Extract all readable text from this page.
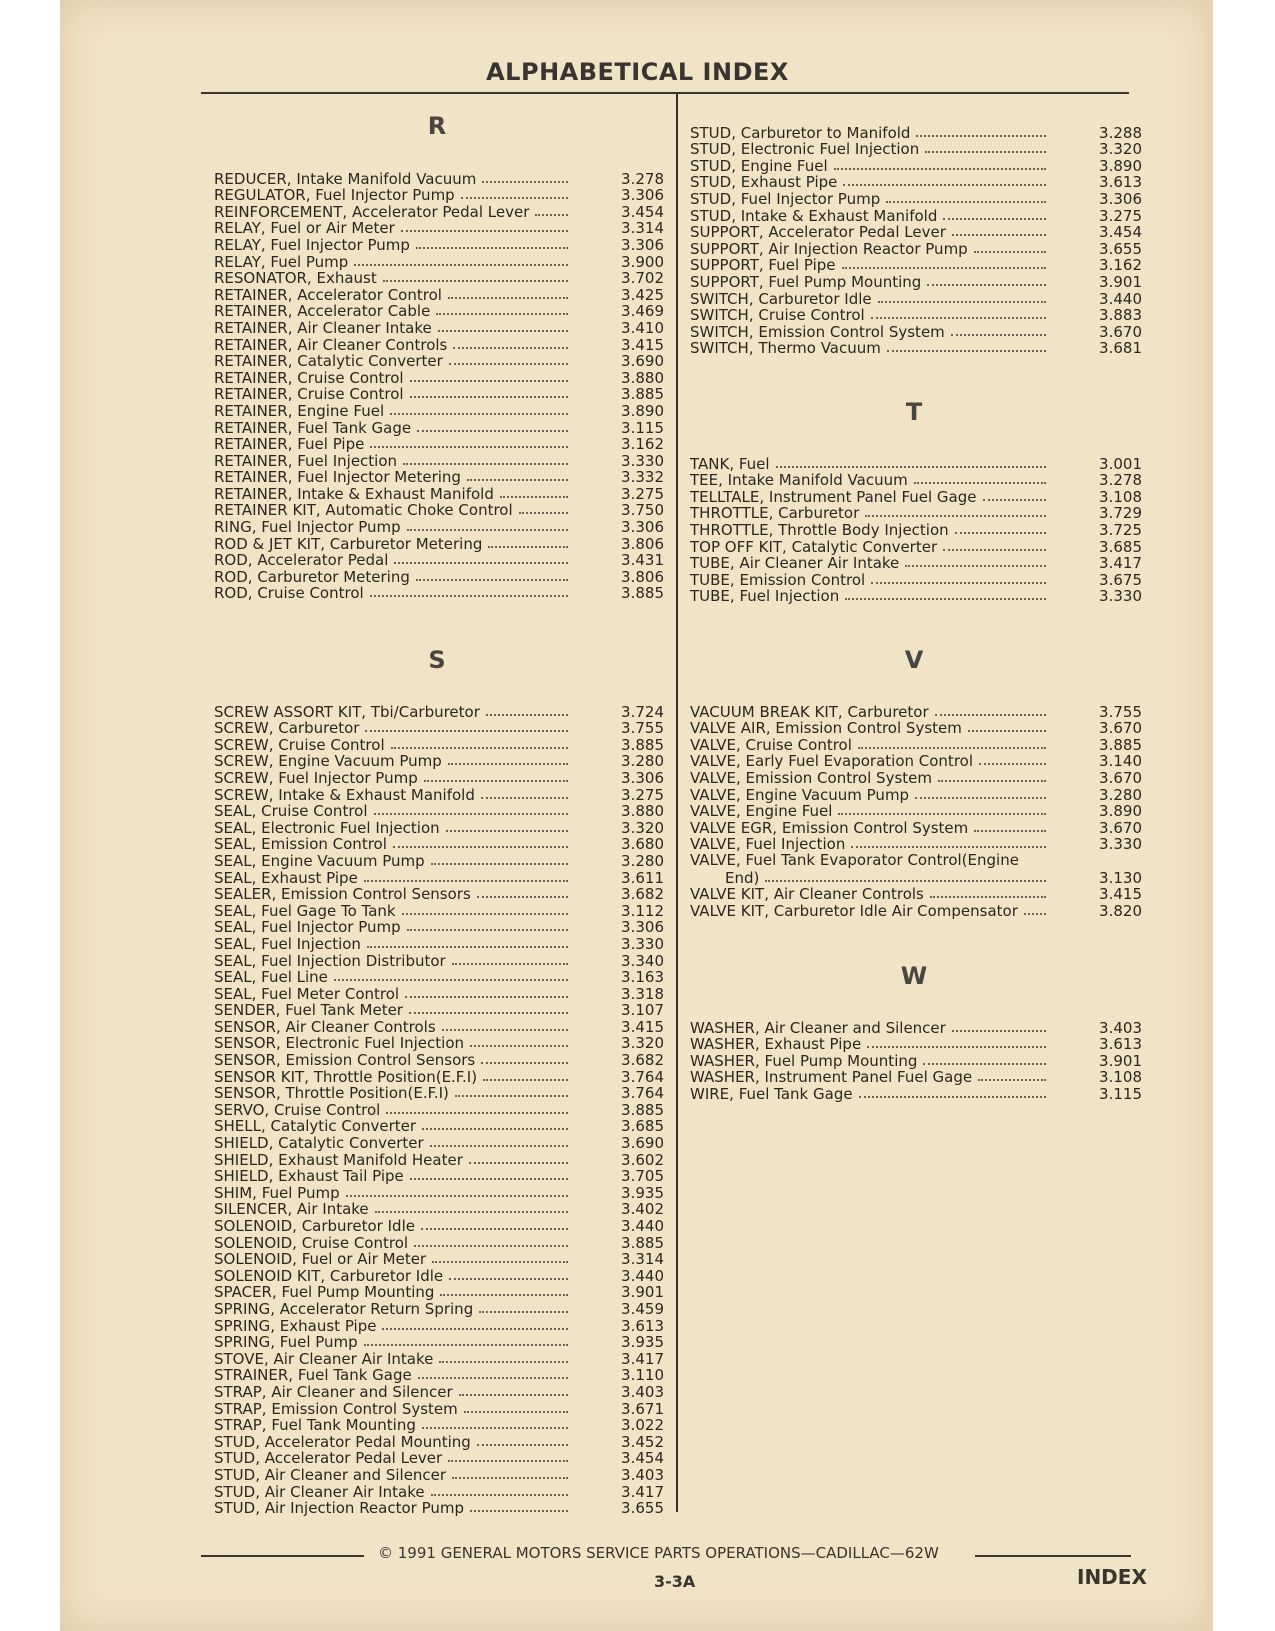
ALPHABETICAL INDEX
R
REDUCER, Intake Manifold Vacuum	3.278
REGULATOR, Fuel Injector Pump	3.306
REINFORCEMENT, Accelerator Pedal Lever	3.454
RELAY, Fuel or Air Meter	3.314
RELAY, Fuel Injector Pump	3.306
RELAY, Fuel Pump	3.900
RESONATOR, Exhaust	3.702
RETAINER, Accelerator Control	3.425
RETAINER, Accelerator Cable	3.469
RETAINER, Air Cleaner Intake	3.410
RETAINER, Air Cleaner Controls	3.415
RETAINER, Catalytic Converter	3.690
RETAINER, Cruise Control	3.880
RETAINER, Cruise Control	3.885
RETAINER, Engine Fuel	3.890
RETAINER, Fuel Tank Gage	3.115
RETAINER, Fuel Pipe	3.162
RETAINER, Fuel Injection	3.330
RETAINER, Fuel Injector Metering	3.332
RETAINER, Intake & Exhaust Manifold	3.275
RETAINER KIT, Automatic Choke Control	3.750
RING, Fuel Injector Pump	3.306
ROD & JET KIT, Carburetor Metering	3.806
ROD, Accelerator Pedal	3.431
ROD, Carburetor Metering	3.806
ROD, Cruise Control	3.885
S
SCREW ASSORT KIT, Tbi/Carburetor	3.724
SCREW, Carburetor	3.755
SCREW, Cruise Control	3.885
SCREW, Engine Vacuum Pump	3.280
SCREW, Fuel Injector Pump	3.306
SCREW, Intake & Exhaust Manifold	3.275
SEAL, Cruise Control	3.880
SEAL, Electronic Fuel Injection	3.320
SEAL, Emission Control	3.680
SEAL, Engine Vacuum Pump	3.280
SEAL, Exhaust Pipe	3.611
SEALER, Emission Control Sensors	3.682
SEAL, Fuel Gage To Tank	3.112
SEAL, Fuel Injector Pump	3.306
SEAL, Fuel Injection	3.330
SEAL, Fuel Injection Distributor	3.340
SEAL, Fuel Line	3.163
SEAL, Fuel Meter Control	3.318
SENDER, Fuel Tank Meter	3.107
SENSOR, Air Cleaner Controls	3.415
SENSOR, Electronic Fuel Injection	3.320
SENSOR, Emission Control Sensors	3.682
SENSOR KIT, Throttle Position(E.F.I)	3.764
SENSOR, Throttle Position(E.F.I)	3.764
SERVO, Cruise Control	3.885
SHELL, Catalytic Converter	3.685
SHIELD, Catalytic Converter	3.690
SHIELD, Exhaust Manifold Heater	3.602
SHIELD, Exhaust Tail Pipe	3.705
SHIM, Fuel Pump	3.935
SILENCER, Air Intake	3.402
SOLENOID, Carburetor Idle	3.440
SOLENOID, Cruise Control	3.885
SOLENOID, Fuel or Air Meter	3.314
SOLENOID KIT, Carburetor Idle	3.440
SPACER, Fuel Pump Mounting	3.901
SPRING, Accelerator Return Spring	3.459
SPRING, Exhaust Pipe	3.613
SPRING, Fuel Pump	3.935
STOVE, Air Cleaner Air Intake	3.417
STRAINER, Fuel Tank Gage	3.110
STRAP, Air Cleaner and Silencer	3.403
STRAP, Emission Control System	3.671
STRAP, Fuel Tank Mounting	3.022
STUD, Accelerator Pedal Mounting	3.452
STUD, Accelerator Pedal Lever	3.454
STUD, Air Cleaner and Silencer	3.403
STUD, Air Cleaner Air Intake	3.417
STUD, Air Injection Reactor Pump	3.655
STUD, Carburetor to Manifold	3.288
STUD, Electronic Fuel Injection	3.320
STUD, Engine Fuel	3.890
STUD, Exhaust Pipe	3.613
STUD, Fuel Injector Pump	3.306
STUD, Intake & Exhaust Manifold	3.275
SUPPORT, Accelerator Pedal Lever	3.454
SUPPORT, Air Injection Reactor Pump	3.655
SUPPORT, Fuel Pipe	3.162
SUPPORT, Fuel Pump Mounting	3.901
SWITCH, Carburetor Idle	3.440
SWITCH, Cruise Control	3.883
SWITCH, Emission Control System	3.670
SWITCH, Thermo Vacuum	3.681
T
TANK, Fuel	3.001
TEE, Intake Manifold Vacuum	3.278
TELLTALE, Instrument Panel Fuel Gage	3.108
THROTTLE, Carburetor	3.729
THROTTLE, Throttle Body Injection	3.725
TOP OFF KIT, Catalytic Converter	3.685
TUBE, Air Cleaner Air Intake	3.417
TUBE, Emission Control	3.675
TUBE, Fuel Injection	3.330
V
VACUUM BREAK KIT, Carburetor	3.755
VALVE AIR, Emission Control System	3.670
VALVE, Cruise Control	3.885
VALVE, Early Fuel Evaporation Control	3.140
VALVE, Emission Control System	3.670
VALVE, Engine Vacuum Pump	3.280
VALVE, Engine Fuel	3.890
VALVE EGR, Emission Control System	3.670
VALVE, Fuel Injection	3.330
VALVE, Fuel Tank Evaporator Control(Engine
End)	3.130
VALVE KIT, Air Cleaner Controls	3.415
VALVE KIT, Carburetor Idle Air Compensator	3.820
W
WASHER, Air Cleaner and Silencer	3.403
WASHER, Exhaust Pipe	3.613
WASHER, Fuel Pump Mounting	3.901
WASHER, Instrument Panel Fuel Gage	3.108
WIRE, Fuel Tank Gage	3.115
© 1991 GENERAL MOTORS SERVICE PARTS OPERATIONS—CADILLAC—62W
3-3A	INDEX
